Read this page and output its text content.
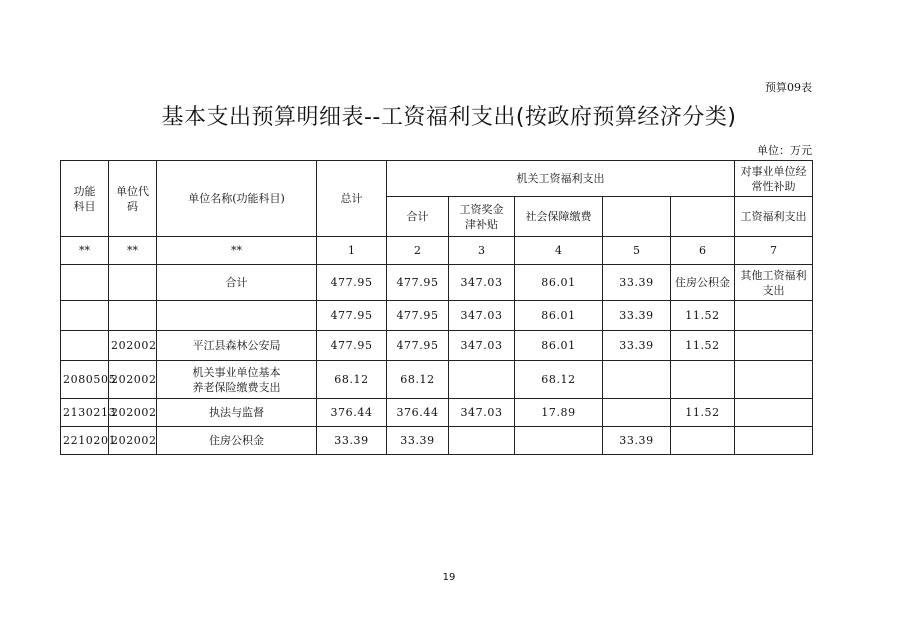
预算09表
基本支出预算明细表--工资福利支出(按政府预算经济分类)
单位：万元
功能
科目	单位代码	单位名称(功能科目)	总计	机关工资福利支出					对事业单位经
常性补助
				合计	工资奖金
津补贴	社会保障缴费			工资福利支出
**	**	**	1	2	3	4	5	6	7
		合计	477.95	477.95	347.03	86.01	33.39	住房公积金	其他工资福利
支出
			477.95	477.95	347.03	86.01	33.39	11.52	
	202002	平江县森林公安局	477.95	477.95	347.03	86.01	33.39	11.52	
2080505	202002	机关事业单位基本
养老保险缴费支出	68.12	68.12		68.12			
2130213	202002	执法与监督	376.44	376.44	347.03	17.89		11.52	
2210201	202002	住房公积金	33.39	33.39			33.39		
19
